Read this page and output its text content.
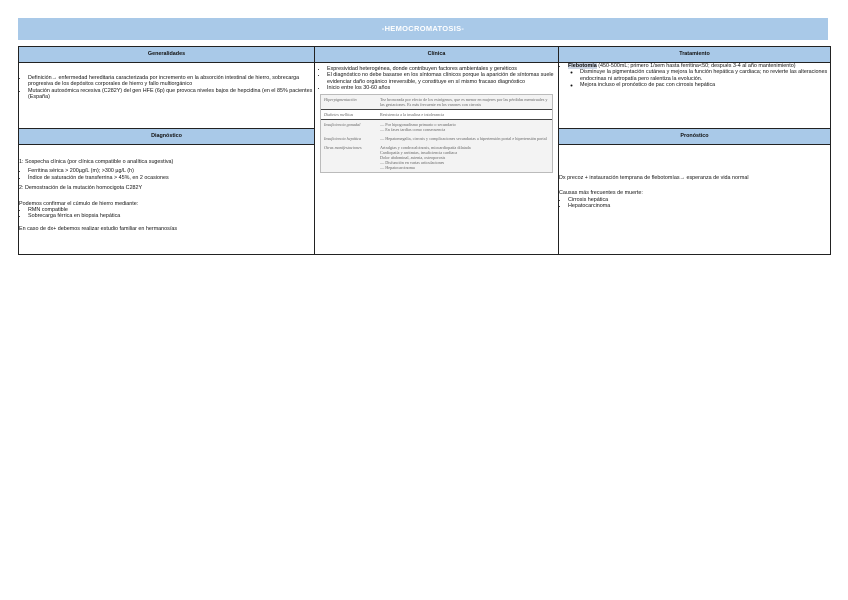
-HEMOCROMATOSIS-
Generalidades	Clínica	Tratamiento

• Definición→ enfermedad hereditaria caracterizada por incremento en la absorción intestinal de hierro, sobrecarga progresiva de los depósitos corporales de hierro y fallo multiorgánico
• Mutación autosómica recesiva (C282Y) del gen HFE (6p) que provoca niveles bajos de hepcidina (en el 85% pacientes (España)

• Expresividad heterogénea, donde contribuyen factores ambientales y genéticos
• El diagnóstico no debe basarse en los síntomas clínicos porque la aparición de síntomas suele evidenciar daño orgánico irreversible, y constituye en sí mismo fracaso diagnóstico
• Inicio entre los 30-60 años
Hiperpigmentación	Tez bronceada por efecto de los estrógenos, que es menor en mujeres por las pérdidas menstruales y las gestaciones. Es más frecuente en los varones con cirrosis
Diabetes mellitus	Resistencia a la insulina e intolerancia
Insuficiencia gonadal	— Por hipogonadismo primario o secundario
— En fases tardías como consecuencia
Insuficiencia hepática	— Hepatomegalia, cirrosis y complicaciones secundarias a hipertensión portal e hipertensión portal
Otras manifestaciones	Artralgias y condrocalcinosis, miocardiopatía dilatada
Cardiopatía y arritmias, insuficiencia cardiaca
Dolor abdominal, astenia, osteoporosis
— Disfunción en varias articulaciones
— Hepatocarcinoma

• Flebotomía (450-500mL; primero 1/sem hasta ferritina<50; después 3-4 al año mantenimiento)
◦ Disminuye la pigmentación cutánea y mejora la función hepática y cardiaca; no revierte las alteraciones endocrinas ni artropatía pero ralentiza la evolución.
◦ Mejora incluso el pronóstico de pac con cirrosis hepática

Diagnóstico	Pronóstico

1: Sospecha clínica (por clínica compatible o analítica sugestiva)
• Ferritina sérica > 200µg/L (m); >300 µg/L (h)
• Índice de saturación de transferrina > 45%, en 2 ocasiones
2: Demostración de la mutación homocigota C282Y
Podemos confirmar el cúmulo de hierro mediante:
• RMN compatible
• Sobrecarga férrica en biopsia hepática
En caso de dx+ debemos realizar estudio familiar en hermanos/as

Dx precoz + instauración temprana de flebotomías→ esperanza de vida normal
Causas más frecuentes de muerte:
• Cirrosis hepática
• Hepatocarcinoma
